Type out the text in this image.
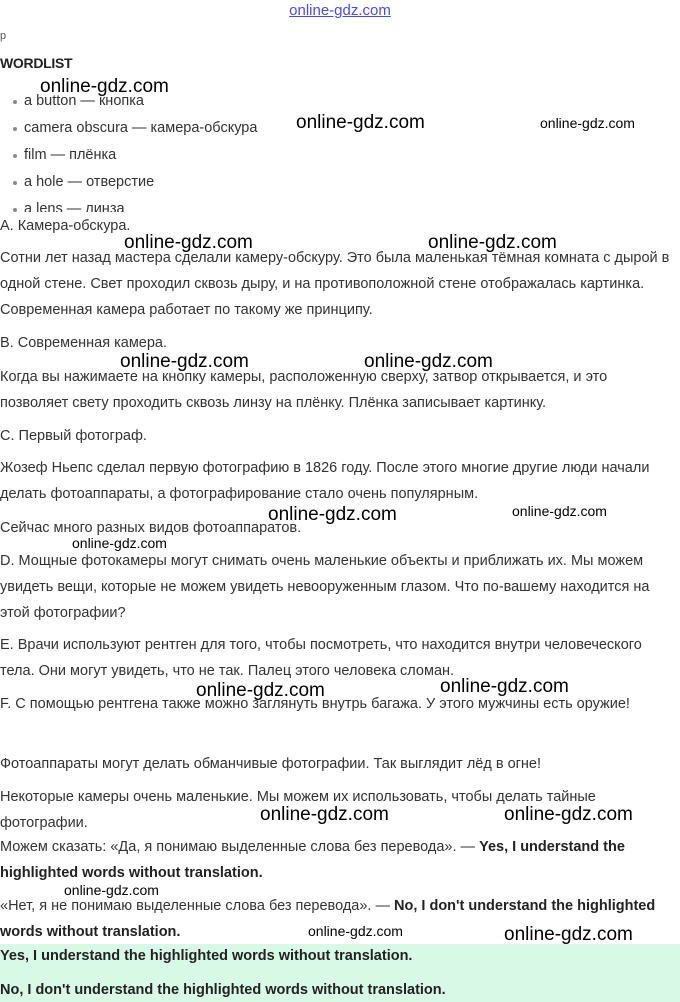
online-gdz.com
р
WORDLIST
a button — кнопка
camera obscura — камера-обскура
film — плёнка
a hole — отверстие
a lens — линза
A. Камера-обскура.
Сотни лет назад мастера сделали камеру-обскуру. Это была маленькая тёмная комната с дырой в одной стене. Свет проходил сквозь дыру, и на противоположной стене отображалась картинка. Современная камера работает по такому же принципу.
B. Современная камера.
Когда вы нажимаете на кнопку камеры, расположенную сверху, затвор открывается, и это позволяет свету проходить сквозь линзу на плёнку. Плёнка записывает картинку.
C. Первый фотограф.
Жозеф Ньепс сделал первую фотографию в 1826 году. После этого многие другие люди начали делать фотоаппараты, а фотографирование стало очень популярным.
Сейчас много разных видов фотоаппаратов.
D. Мощные фотокамеры могут снимать очень маленькие объекты и приближать их. Мы можем увидеть вещи, которые не можем увидеть невооруженным глазом. Что по-вашему находится на этой фотографии?
E. Врачи используют рентген для того, чтобы посмотреть, что находится внутри человеческого тела. Они могут увидеть, что не так. Палец этого человека сломан.
F. С помощью рентгена также можно заглянуть внутрь багажа. У этого мужчины есть оружие!
Фотоаппараты могут делать обманчивые фотографии. Так выглядит лёд в огне!
Некоторые камеры очень маленькие. Мы можем их использовать, чтобы делать тайные фотографии.
Можем сказать: «Да, я понимаю выделенные слова без перевода». — Yes, I understand the highlighted words without translation.
«Нет, я не понимаю выделенные слова без перевода». — No, I don't understand the highlighted words without translation.
Yes, I understand the highlighted words without translation.
No, I don't understand the highlighted words without translation.
online-gdz.com
online-gdz.com	online-gdz.com
online-gdz.com	online-gdz.com
online-gdz.com	online-gdz.com
online-gdz.com	online-gdz.com
online-gdz.com
online-gdz.com	online-gdz.com
online-gdz.com	online-gdz.com
online-gdz.com
online-gdz.com	online-gdz.com
